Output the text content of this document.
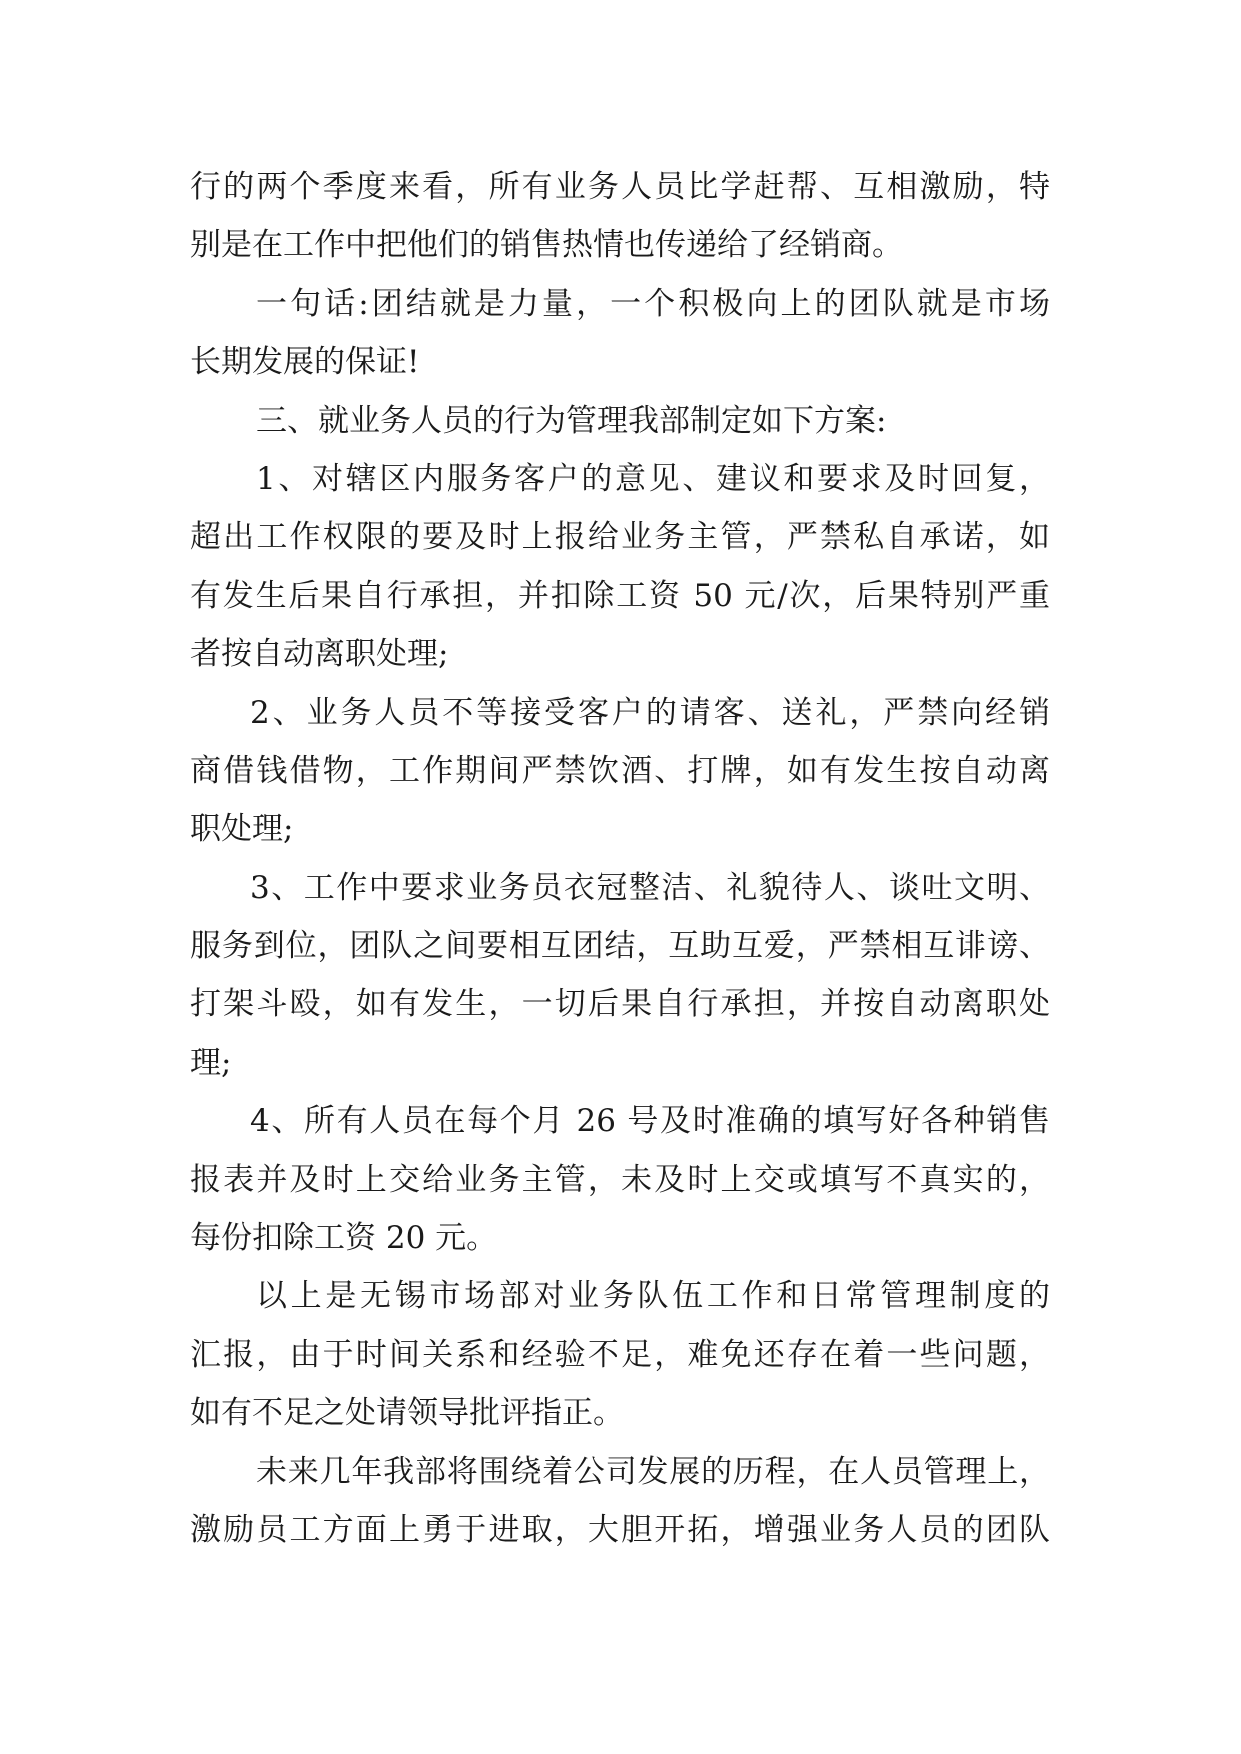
行的两个季度来看，所有业务人员比学赶帮、互相激励，特
别是在工作中把他们的销售热情也传递给了经销商。
一句话:团结就是力量，一个积极向上的团队就是市场
长期发展的保证!
三、就业务人员的行为管理我部制定如下方案:
1、对辖区内服务客户的意见、建议和要求及时回复，
超出工作权限的要及时上报给业务主管，严禁私自承诺，如
有发生后果自行承担，并扣除工资 50 元/次，后果特别严重
者按自动离职处理;
2、业务人员不等接受客户的请客、送礼，严禁向经销
商借钱借物，工作期间严禁饮酒、打牌，如有发生按自动离
职处理;
3、工作中要求业务员衣冠整洁、礼貌待人、谈吐文明、
服务到位，团队之间要相互团结，互助互爱，严禁相互诽谤、
打架斗殴，如有发生，一切后果自行承担，并按自动离职处
理;
4、所有人员在每个月 26 号及时准确的填写好各种销售
报表并及时上交给业务主管，未及时上交或填写不真实的，
每份扣除工资 20 元。
以上是无锡市场部对业务队伍工作和日常管理制度的
汇报，由于时间关系和经验不足，难免还存在着一些问题，
如有不足之处请领导批评指正。
未来几年我部将围绕着公司发展的历程，在人员管理上，
激励员工方面上勇于进取，大胆开拓，增强业务人员的团队
